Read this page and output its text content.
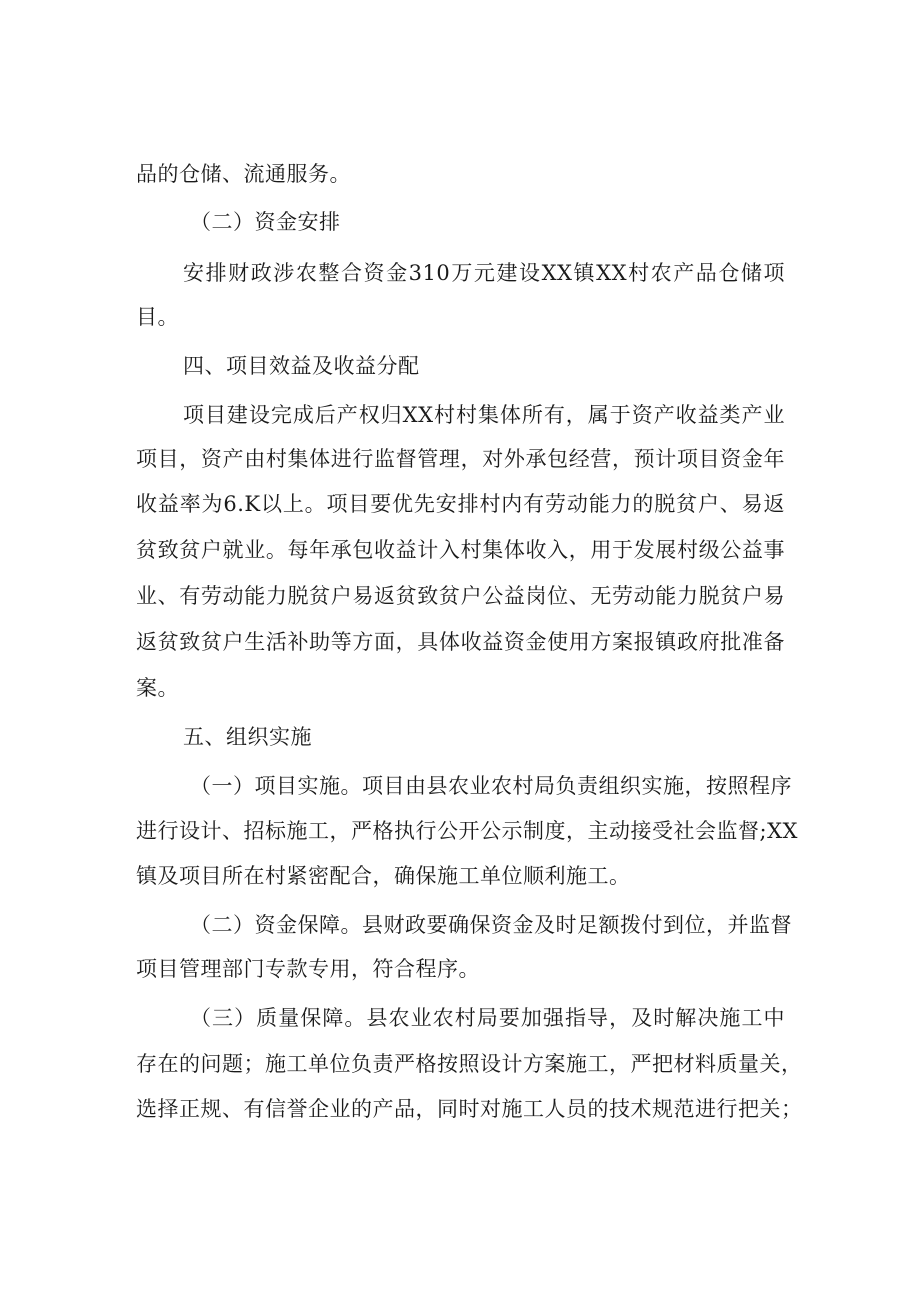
品的仓储、流通服务。
（二）资金安排
安排财政涉农整合资金310万元建设XX镇XX村农产品仓储项
目。
四、项目效益及收益分配
项目建设完成后产权归XX村村集体所有，属于资产收益类产业
项目，资产由村集体进行监督管理，对外承包经营，预计项目资金年
收益率为6.K以上。项目要优先安排村内有劳动能力的脱贫户、易返
贫致贫户就业。每年承包收益计入村集体收入，用于发展村级公益事
业、有劳动能力脱贫户易返贫致贫户公益岗位、无劳动能力脱贫户易
返贫致贫户生活补助等方面，具体收益资金使用方案报镇政府批准备
案。
五、组织实施
（一）项目实施。项目由县农业农村局负责组织实施，按照程序
进行设计、招标施工，严格执行公开公示制度，主动接受社会监督;XX
镇及项目所在村紧密配合，确保施工单位顺利施工。
（二）资金保障。县财政要确保资金及时足额拨付到位，并监督
项目管理部门专款专用，符合程序。
（三）质量保障。县农业农村局要加强指导，及时解决施工中
存在的问题；施工单位负责严格按照设计方案施工，严把材料质量关，
选择正规、有信誉企业的产品，同时对施工人员的技术规范进行把关；
